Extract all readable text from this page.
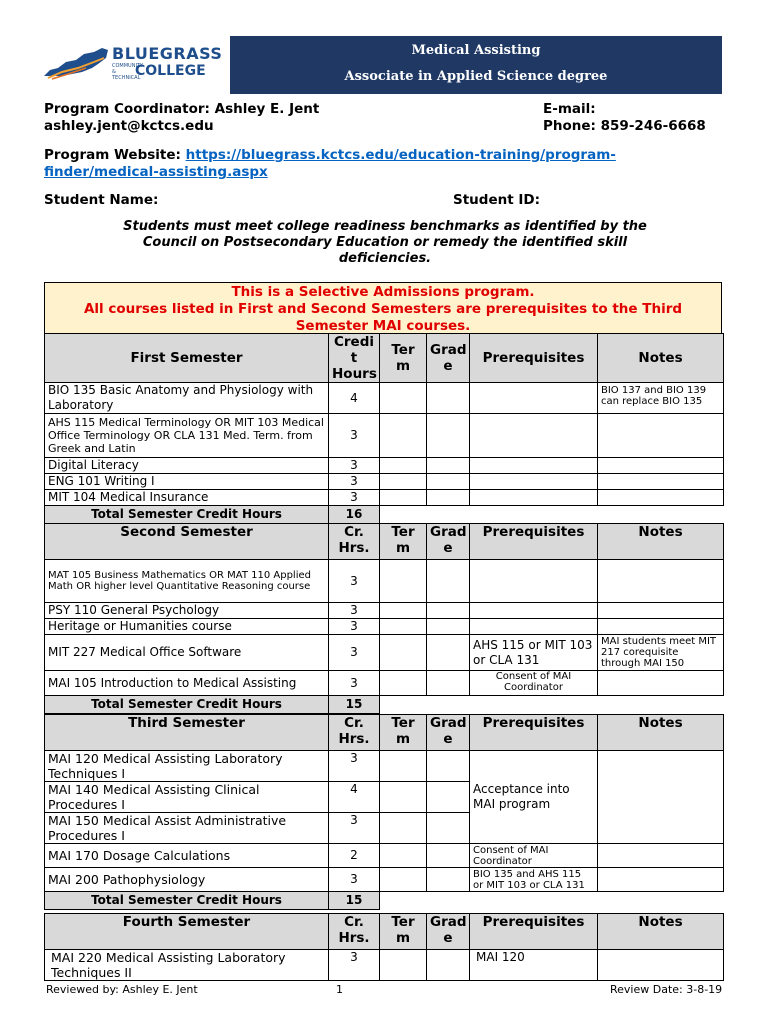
BLUEGRASS
COMMUNITY & TECHNICAL
COLLEGE
Medical Assisting
Associate in Applied Science degree
Program Coordinator: Ashley E. Jent
ashley.jent@kctcs.edu
E-mail:
Phone: 859-246-6668
Program Website: https://bluegrass.kctcs.edu/education-training/program-
finder/medical-assisting.aspx
Student Name:	Student ID:
Students must meet college readiness benchmarks as identified by the
Council on Postsecondary Education or remedy the identified skill
deficiencies.
This is a Selective Admissions program.
All courses listed in First and Second Semesters are prerequisites to the Third
Semester MAI courses.
First Semester	Credi t Hours	Ter m	Grad e	Prerequisites	Notes
BIO 135 Basic Anatomy and Physiology with Laboratory	4				BIO 137 and BIO 139 can replace BIO 135
AHS 115 Medical Terminology OR MIT 103 Medical Office Terminology OR CLA 131 Med. Term. from Greek and Latin	3				
Digital Literacy	3				
ENG 101 Writing I	3				
MIT 104 Medical Insurance	3				
Total Semester Credit Hours	16				
Second Semester	Cr. Hrs.	Ter m	Grad e	Prerequisites	Notes
MAT 105 Business Mathematics OR MAT 110 Applied Math OR higher level Quantitative Reasoning course	3				
PSY 110 General Psychology	3				
Heritage or Humanities course	3				
MIT 227 Medical Office Software	3			AHS 115 or MIT 103 or CLA 131	MAI students meet MIT 217 corequisite through MAI 150
MAI 105 Introduction to Medical Assisting	3			Consent of MAI Coordinator	
Total Semester Credit Hours	15				
Third Semester	Cr. Hrs.	Ter m	Grad e	Prerequisites	Notes
MAI 120 Medical Assisting Laboratory Techniques I	3			Acceptance into MAI program	
MAI 140 Medical Assisting Clinical Procedures I	4				
MAI 150 Medical Assist Administrative Procedures I	3				
MAI 170 Dosage Calculations	2			Consent of MAI Coordinator	
MAI 200 Pathophysiology	3			BIO 135 and AHS 115 or MIT 103 or CLA 131	
Total Semester Credit Hours	15				
Fourth Semester	Cr. Hrs.	Ter m	Grad e	Prerequisites	Notes
MAI 220 Medical Assisting Laboratory Techniques II	3			MAI 120	
Reviewed by: Ashley E. Jent	1	Review Date: 3-8-19
